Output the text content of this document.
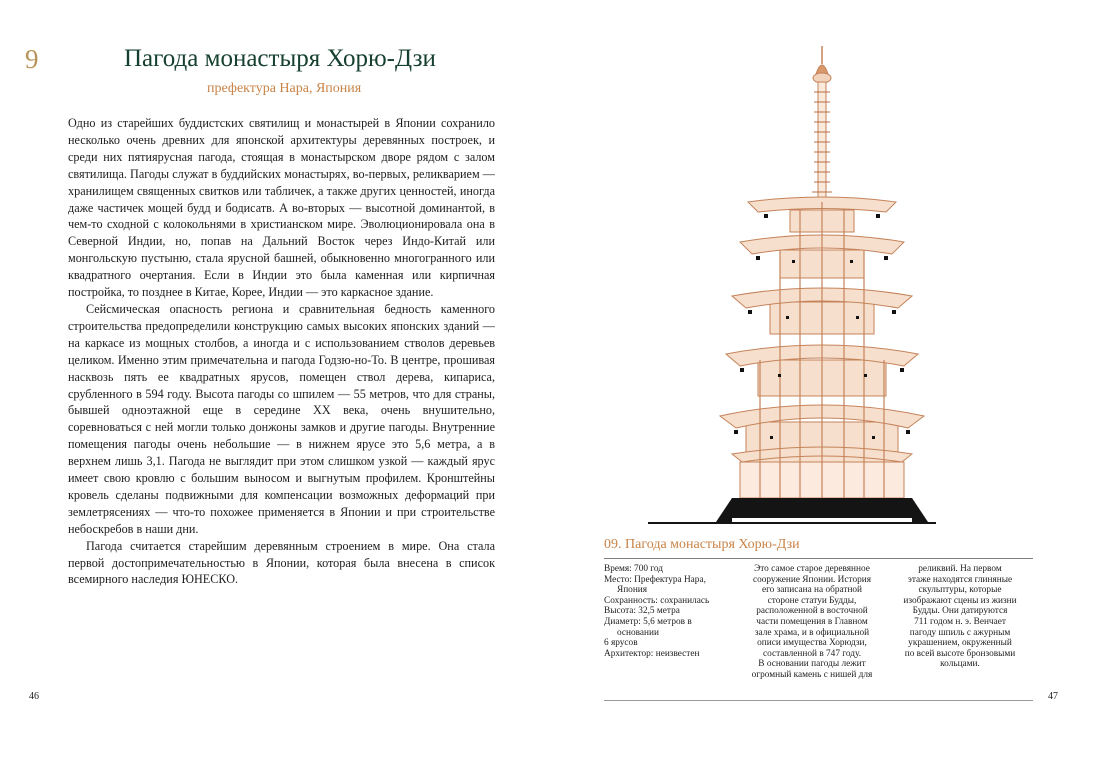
9	Пагода монастыря Хорю-Дзи
префектура Нара, Япония

Одно из старейших буддистских святилищ и монастырей в Японии сохранило несколько очень древних для японской архитектуры деревянных построек, и среди них пятиярусная пагода, стоящая в монастырском дворе рядом с залом святилища. Пагоды служат в буддийских монастырях, во-первых, реликварием — хранилищем священных свитков или табличек, а также других ценностей, иногда даже частичек мощей будд и бодисатв. А во-вторых — высотной доминантой, в чем-то сходной с колокольнями в христианском мире. Эволюционировала она в Северной Индии, но, попав на Дальний Восток через Индо-Китай или монгольскую пустыню, стала ярусной башней, обыкновенно многогранного или квадратного очертания. Если в Индии это была каменная или кирпичная постройка, то позднее в Китае, Корее, Индии — это каркасное здание.

Сейсмическая опасность региона и сравнительная бедность каменного строительства предопределили конструкцию самых высоких японских зданий — на каркасе из мощных столбов, а иногда и с использованием стволов деревьев целиком. Именно этим примечательна и пагода Годзю-но-То. В центре, прошивая насквозь пять ее квадратных ярусов, помещен ствол дерева, кипариса, срубленного в 594 году. Высота пагоды со шпилем — 55 метров, что для страны, бывшей одноэтажной еще в середине XX века, очень внушительно, соревноваться с ней могли только донжоны замков и другие пагоды. Внутренние помещения пагоды очень небольшие — в нижнем ярусе это 5,6 метра, а в верхнем лишь 3,1. Пагода не выглядит при этом слишком узкой — каждый ярус имеет свою кровлю с большим выносом и выгнутым профилем. Кронштейны кровель сделаны подвижными для компенсации возможных деформаций при землетрясениях — что-то похожее применяется в Японии и при строительстве небоскребов в наши дни.

Пагода считается старейшим деревянным строением в мире. Она стала первой достопримечательностью в Японии, которая была внесена в список всемирного наследия ЮНЕСКО.

46
09. Пагода монастыря Хорю-Дзи
Время: 700 год
Место: Префектура Нара,
Япония
Сохранность: сохранилась
Высота: 32,5 метра
Диаметр: 5,6 метров в
основании
6 ярусов
Архитектор: неизвестен
Это самое старое деревянное
сооружение Японии. История
его записана на обратной
стороне статуи Будды,
расположенной в восточной
части помещения в Главном
зале храма, и в официальной
описи имущества Хорюдзи,
составленной в 747 году.
В основании пагоды лежит
огромный камень с нишей для
реликвий. На первом
этаже находятся глиняные
скульптуры, которые
изображают сцены из жизни
Будды. Они датируются
711 годом н. э. Венчает
пагоду шпиль с ажурным
украшением, окруженный
по всей высоте бронзовыми
кольцами.
47
